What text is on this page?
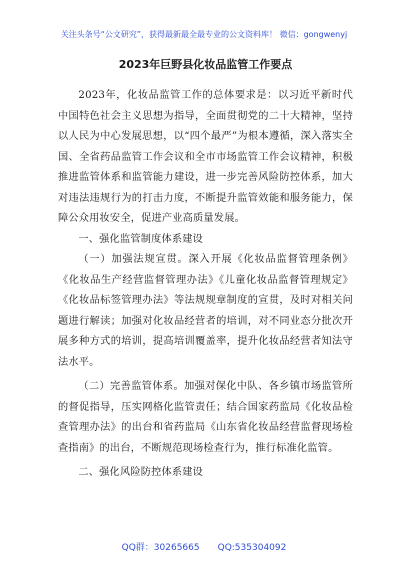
关注头条号“公文研究”，获得最新最全最专业的公文资料库！ 微信：gongwenyj
2023年巨野县化妆品监管工作要点

2023年，化妆品监管工作的总体要求是：以习近平新时代中国特色社会主义思想为指导，全面贯彻党的二十大精神，坚持以人民为中心发展思想，以“四个最严”为根本遵循，深入落实全国、全省药品监管工作会议和全市市场监管工作会议精神，积极推进监管体系和监管能力建设，进一步完善风险防控体系，加大对违法违规行为的打击力度，不断提升监管效能和服务能力，保障公众用妆安全，促进产业高质量发展。

一、强化监管制度体系建设

（一）加强法规宣贯。深入开展《化妆品监督管理条例》《化妆品生产经营监督管理办法》《儿童化妆品监督管理规定》《化妆品标签管理办法》等法规规章制度的宣贯，及时对相关问题进行解读；加强对化妆品经营者的培训，对不同业态分批次开展多种方式的培训，提高培训覆盖率，提升化妆品经营者知法守法水平。

（二）完善监管体系。加强对保化中队、各乡镇市场监管所的督促指导，压实网格化监管责任；结合国家药监局《化妆品检查管理办法》的出台和省药监局《山东省化妆品经营监督现场检查指南》的出台，不断规范现场检查行为，推行标准化监管。

二、强化风险防控体系建设

QQ群：30265665 QQ:535304092
